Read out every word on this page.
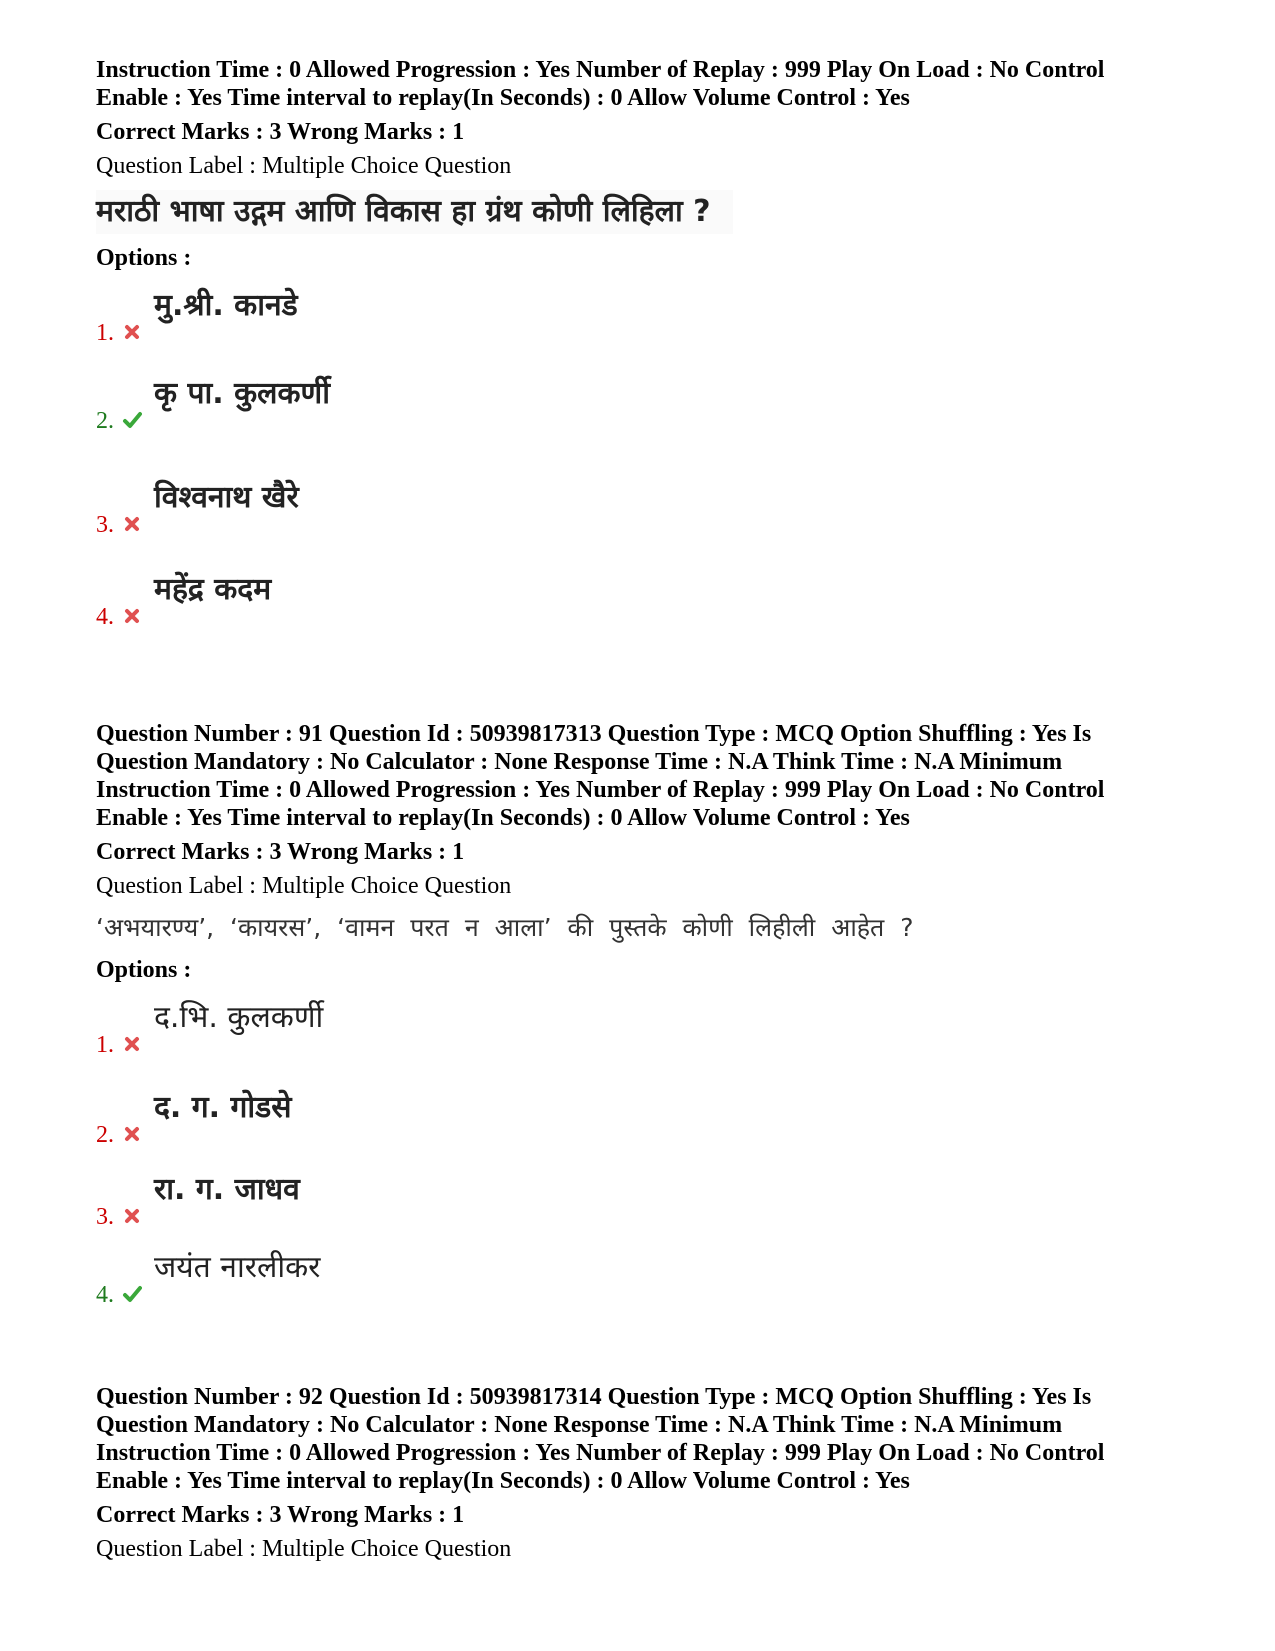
Instruction Time : 0 Allowed Progression : Yes Number of Replay : 999 Play On Load : No Control

Enable : Yes Time interval to replay(In Seconds) : 0 Allow Volume Control : Yes

Correct Marks : 3 Wrong Marks : 1

Question Label : Multiple Choice Question

मराठी भाषा उद्गम आणि विकास हा ग्रंथ कोणी लिहिला ?

Options :

1.
मु.श्री. कानडे
2.
कृ पा. कुलकर्णी
3.
विश्वनाथ खैरे
4.
महेंद्र कदम

Question Number : 91 Question Id : 50939817313 Question Type : MCQ Option Shuffling : Yes Is

Question Mandatory : No Calculator : None Response Time : N.A Think Time : N.A Minimum

Instruction Time : 0 Allowed Progression : Yes Number of Replay : 999 Play On Load : No Control

Enable : Yes Time interval to replay(In Seconds) : 0 Allow Volume Control : Yes

Correct Marks : 3 Wrong Marks : 1

Question Label : Multiple Choice Question

‘अभयारण्य’, ‘कायरस’, ‘वामन परत न आला’ की पुस्तके कोणी लिहीली आहेत ?

Options :

1.
द.भि. कुलकर्णी
2.
द. ग. गोडसे
3.
रा. ग. जाधव
4.
जयंत नारलीकर

Question Number : 92 Question Id : 50939817314 Question Type : MCQ Option Shuffling : Yes Is

Question Mandatory : No Calculator : None Response Time : N.A Think Time : N.A Minimum

Instruction Time : 0 Allowed Progression : Yes Number of Replay : 999 Play On Load : No Control

Enable : Yes Time interval to replay(In Seconds) : 0 Allow Volume Control : Yes

Correct Marks : 3 Wrong Marks : 1

Question Label : Multiple Choice Question
